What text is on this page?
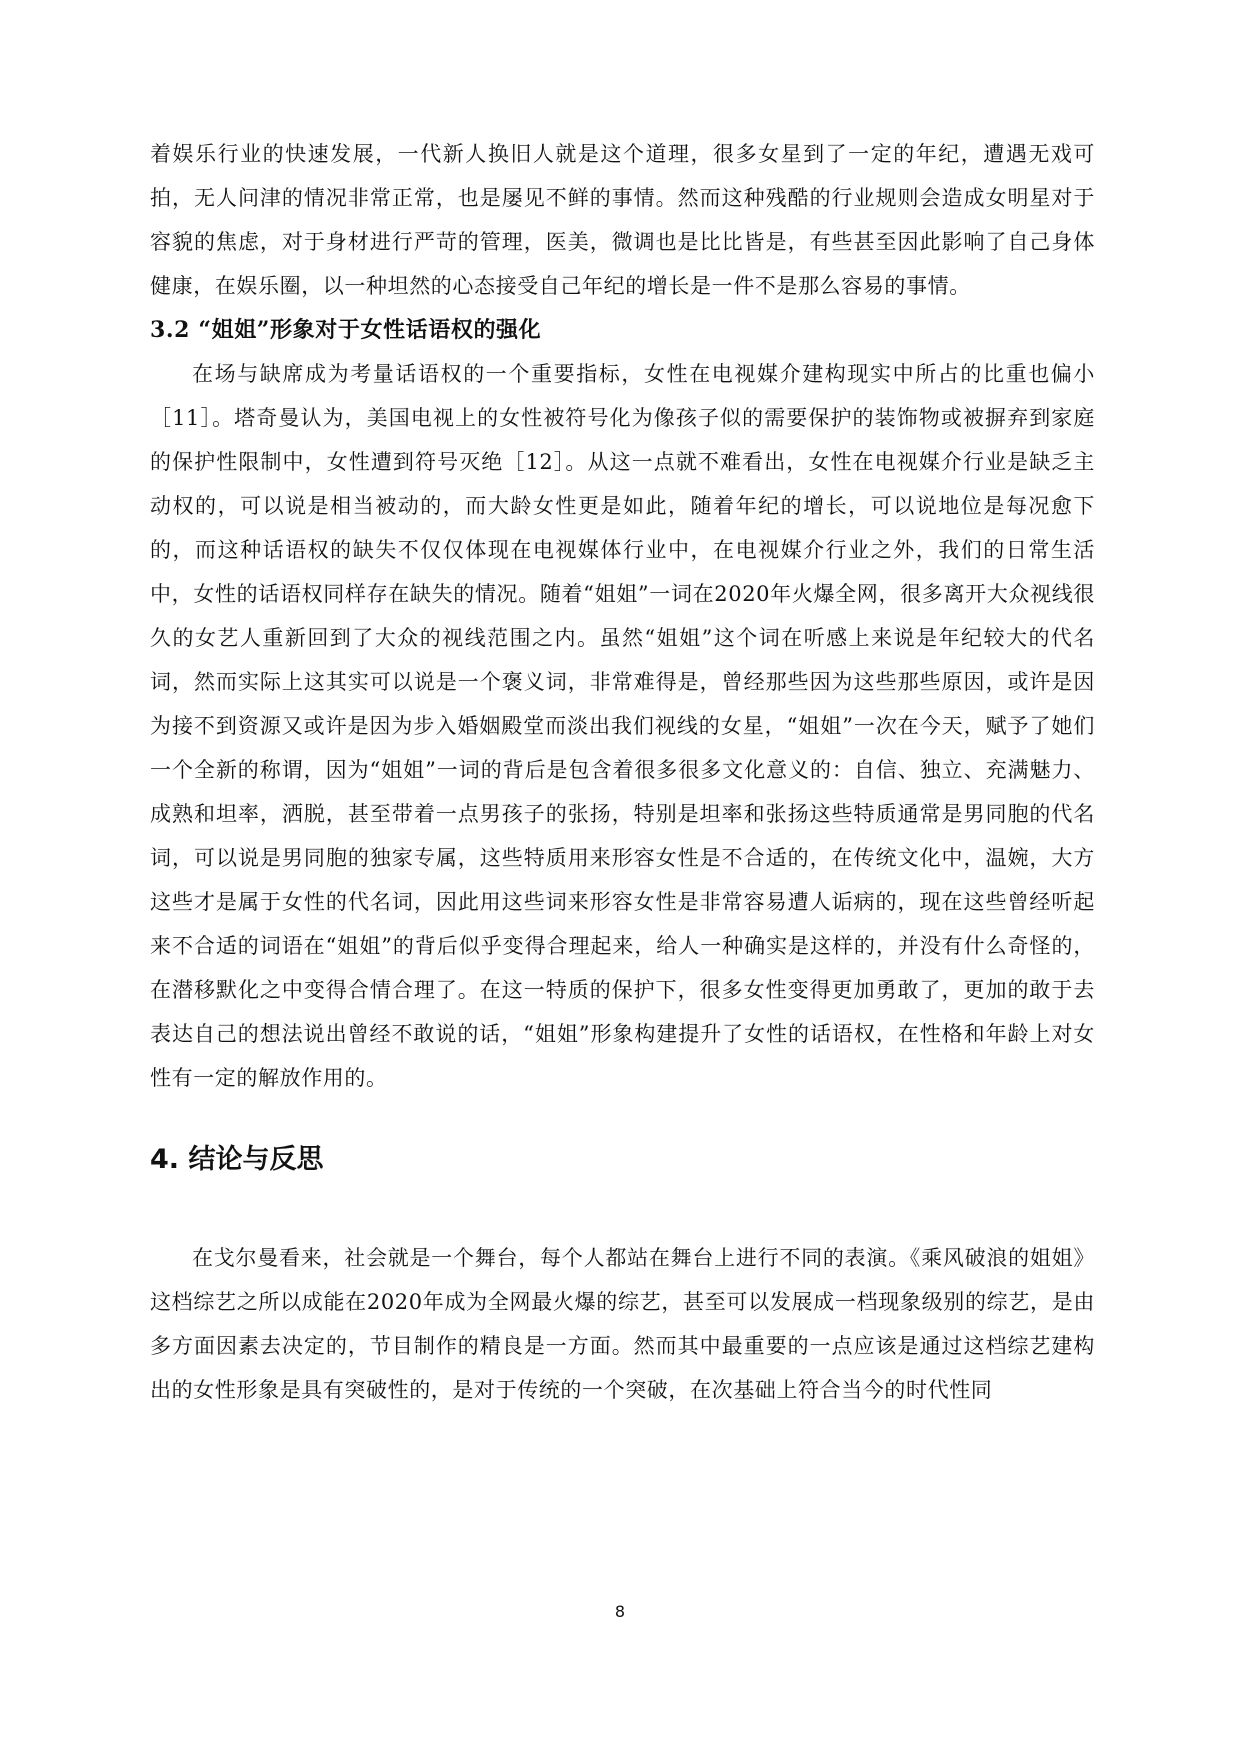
着娱乐行业的快速发展，一代新人换旧人就是这个道理，很多女星到了一定的年纪，遭遇无戏可拍，无人问津的情况非常正常，也是屡见不鲜的事情。然而这种残酷的行业规则会造成女明星对于容貌的焦虑，对于身材进行严苛的管理，医美，微调也是比比皆是，有些甚至因此影响了自己身体健康，在娱乐圈，以一种坦然的心态接受自己年纪的增长是一件不是那么容易的事情。

3.2 “姐姐”形象对于女性话语权的强化

在场与缺席成为考量话语权的一个重要指标，女性在电视媒介建构现实中所占的比重也偏小［11］。塔奇曼认为，美国电视上的女性被符号化为像孩子似的需要保护的装饰物或被摒弃到家庭的保护性限制中，女性遭到符号灭绝［12］。从这一点就不难看出，女性在电视媒介行业是缺乏主动权的，可以说是相当被动的，而大龄女性更是如此，随着年纪的增长，可以说地位是每况愈下的，而这种话语权的缺失不仅仅体现在电视媒体行业中，在电视媒介行业之外，我们的日常生活中，女性的话语权同样存在缺失的情况。随着“姐姐”一词在2020年火爆全网，很多离开大众视线很久的女艺人重新回到了大众的视线范围之内。虽然“姐姐”这个词在听感上来说是年纪较大的代名词，然而实际上这其实可以说是一个褒义词，非常难得是，曾经那些因为这些那些原因，或许是因为接不到资源又或许是因为步入婚姻殿堂而淡出我们视线的女星，“姐姐”一次在今天，赋予了她们一个全新的称谓，因为“姐姐”一词的背后是包含着很多很多文化意义的：自信、独立、充满魅力、成熟和坦率，洒脱，甚至带着一点男孩子的张扬，特别是坦率和张扬这些特质通常是男同胞的代名词，可以说是男同胞的独家专属，这些特质用来形容女性是不合适的，在传统文化中，温婉，大方这些才是属于女性的代名词，因此用这些词来形容女性是非常容易遭人诟病的，现在这些曾经听起来不合适的词语在“姐姐”的背后似乎变得合理起来，给人一种确实是这样的，并没有什么奇怪的，在潜移默化之中变得合情合理了。在这一特质的保护下，很多女性变得更加勇敢了，更加的敢于去表达自己的想法说出曾经不敢说的话，“姐姐”形象构建提升了女性的话语权，在性格和年龄上对女性有一定的解放作用的。

4. 结论与反思

在戈尔曼看来，社会就是一个舞台，每个人都站在舞台上进行不同的表演。《乘风破浪的姐姐》这档综艺之所以成能在2020年成为全网最火爆的综艺，甚至可以发展成一档现象级别的综艺，是由多方面因素去决定的，节目制作的精良是一方面。然而其中最重要的一点应该是通过这档综艺建构出的女性形象是具有突破性的，是对于传统的一个突破，在次基础上符合当今的时代性同

8
